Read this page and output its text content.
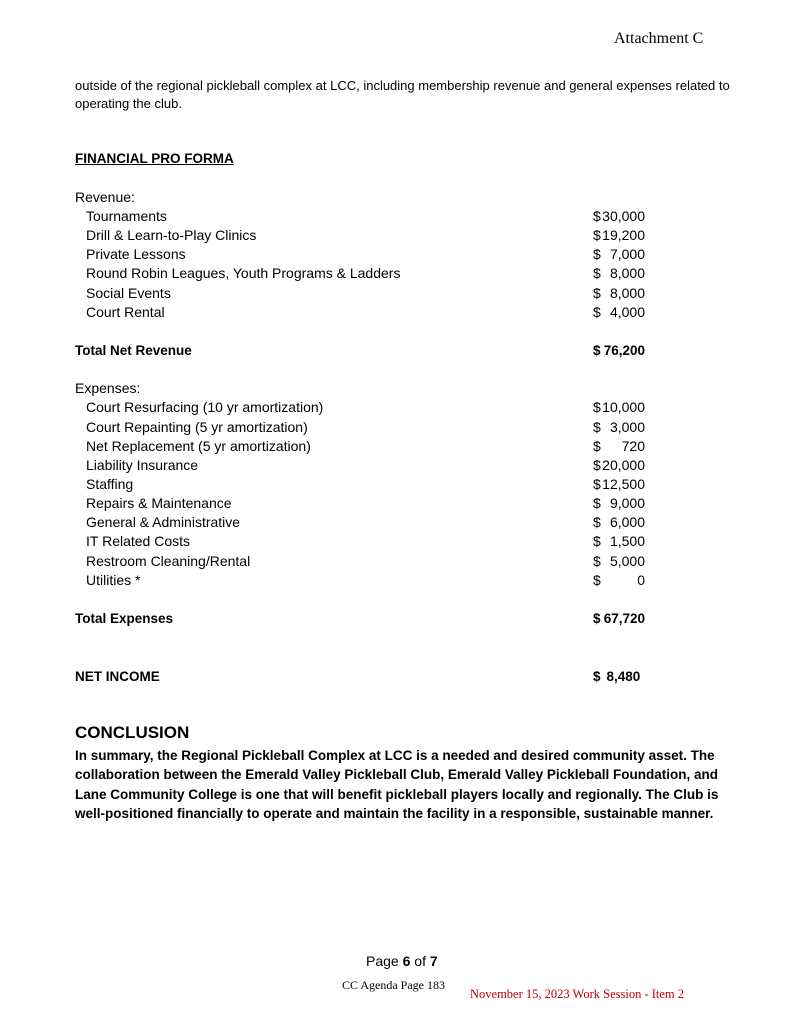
Attachment C
outside of the regional pickleball complex at LCC, including membership revenue and general expenses related to operating the club.
FINANCIAL PRO FORMA
Revenue:
Tournaments	$ 30,000
Drill & Learn-to-Play Clinics	$ 19,200
Private Lessons	$ 7,000
Round Robin Leagues, Youth Programs & Ladders	$ 8,000
Social Events	$ 8,000
Court Rental	$ 4,000
Total Net Revenue	$ 76,200
Expenses:
Court Resurfacing (10 yr amortization)	$ 10,000
Court Repainting (5 yr amortization)	$ 3,000
Net Replacement (5 yr amortization)	$ 720
Liability Insurance	$ 20,000
Staffing	$ 12,500
Repairs & Maintenance	$ 9,000
General & Administrative	$ 6,000
IT Related Costs	$ 1,500
Restroom Cleaning/Rental	$ 5,000
Utilities *	$	0
Total Expenses	$ 67,720
NET INCOME	$ 8,480
CONCLUSION
In summary, the Regional Pickleball Complex at LCC is a needed and desired community asset. The collaboration between the Emerald Valley Pickleball Club, Emerald Valley Pickleball Foundation, and Lane Community College is one that will benefit pickleball players locally and regionally. The Club is well-positioned financially to operate and maintain the facility in a responsible, sustainable manner.
Page 6 of 7
CC Agenda Page 183
November 15, 2023 Work Session - Item 2
